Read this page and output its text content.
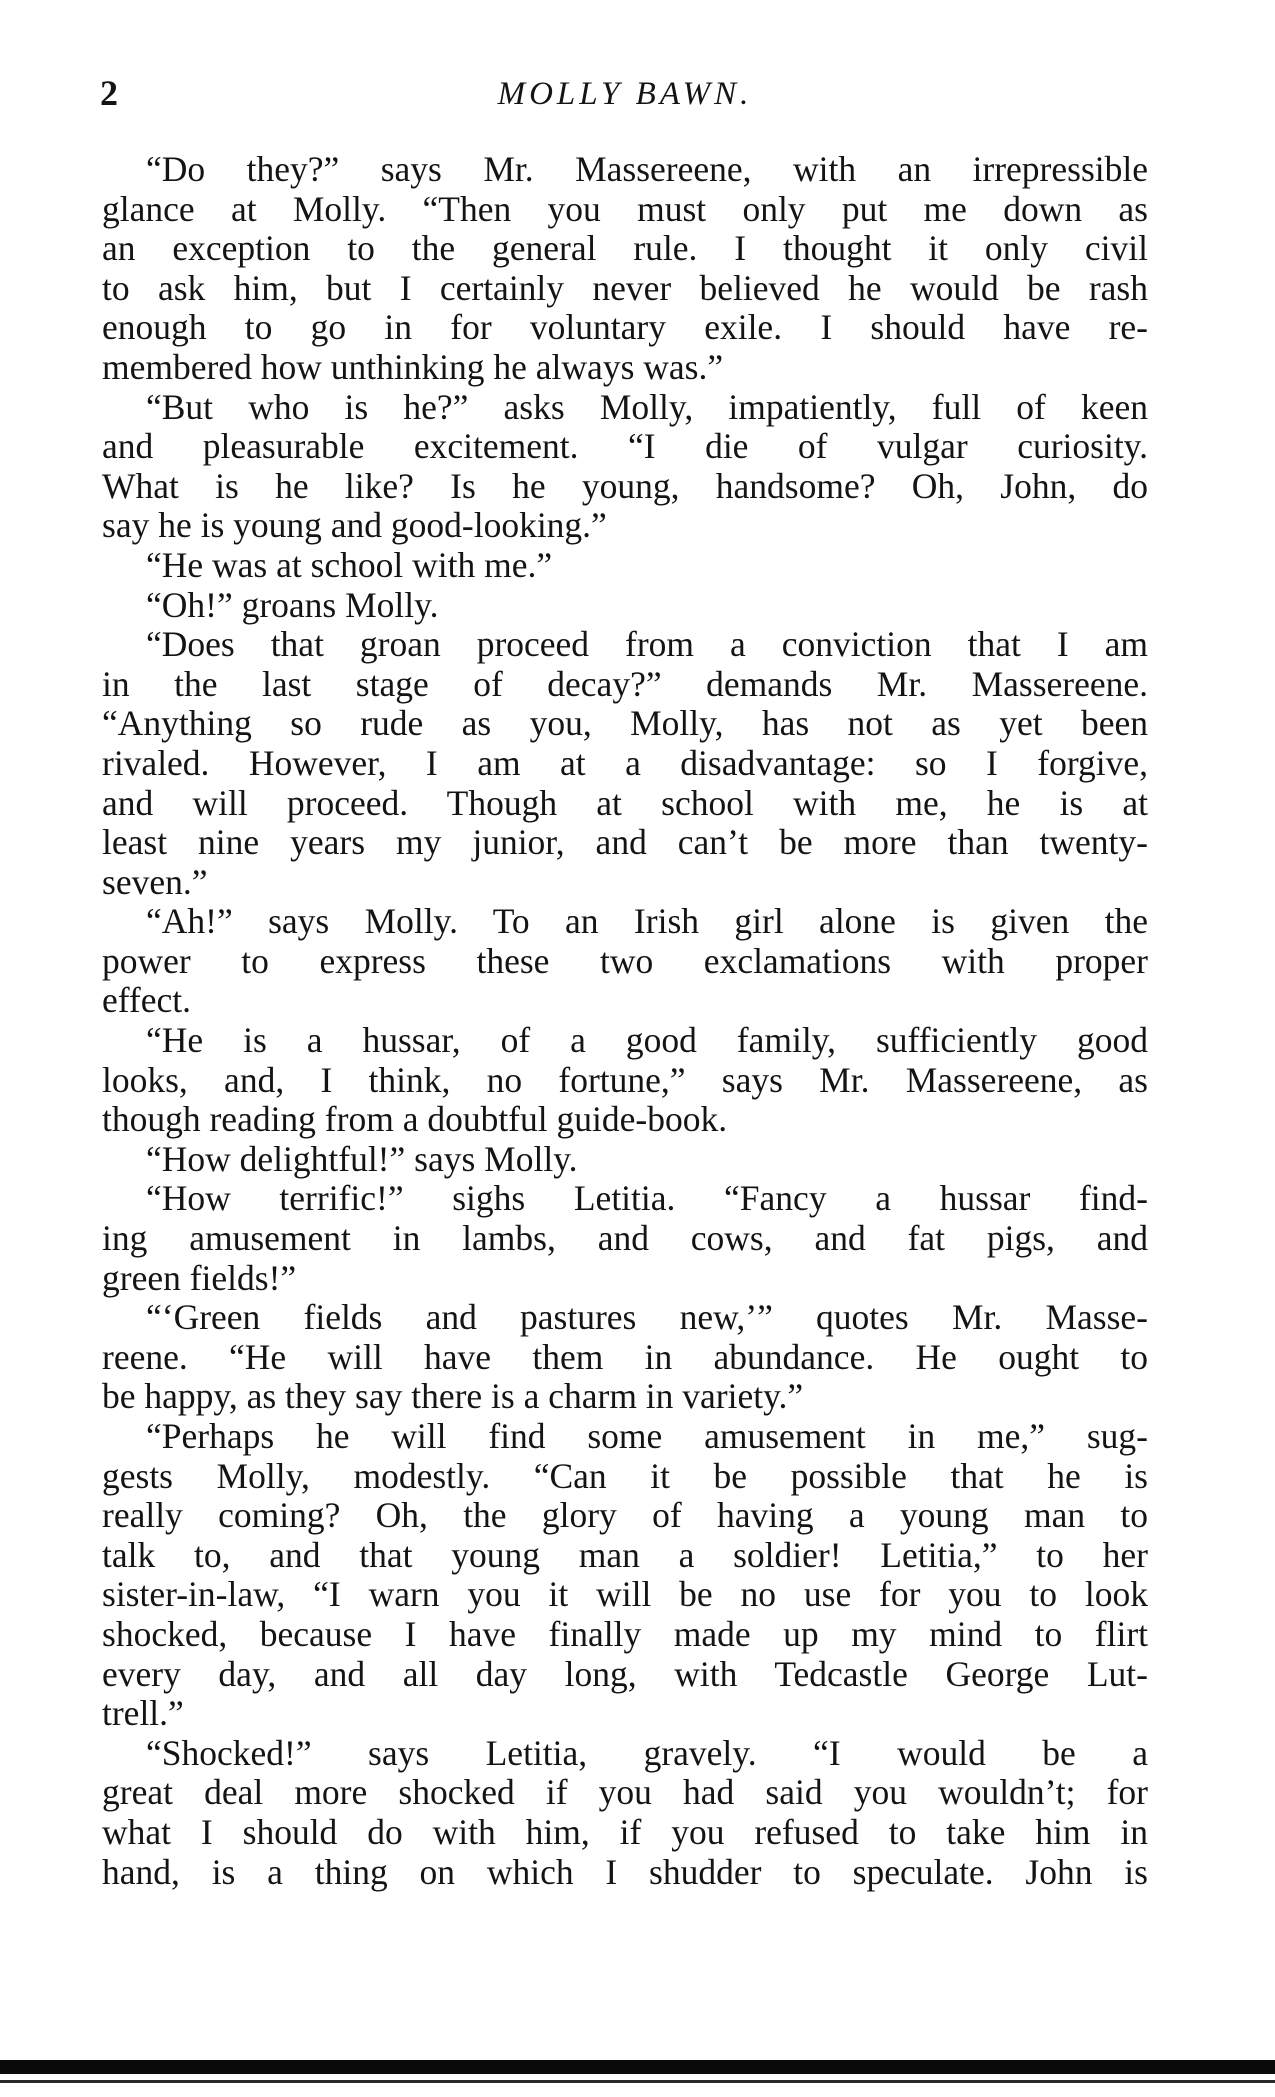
2	MOLLY BAWN.
“Do they?” says Mr. Massereene, with an irrepressible
glance at Molly. “Then you must only put me down as
an exception to the general rule. I thought it only civil
to ask him, but I certainly never believed he would be rash
enough to go in for voluntary exile. I should have re-
membered how unthinking he always was.”
“But who is he?” asks Molly, impatiently, full of keen
and pleasurable excitement. “I die of vulgar curiosity.
What is he like? Is he young, handsome? Oh, John, do
say he is young and good-looking.”
“He was at school with me.”
“Oh!” groans Molly.
“Does that groan proceed from a conviction that I am
in the last stage of decay?” demands Mr. Massereene.
“Anything so rude as you, Molly, has not as yet been
rivaled. However, I am at a disadvantage: so I forgive,
and will proceed. Though at school with me, he is at
least nine years my junior, and can’t be more than twenty-
seven.”
“Ah!” says Molly. To an Irish girl alone is given the
power to express these two exclamations with proper
effect.
“He is a hussar, of a good family, sufficiently good
looks, and, I think, no fortune,” says Mr. Massereene, as
though reading from a doubtful guide-book.
“How delightful!” says Molly.
“How terrific!” sighs Letitia. “Fancy a hussar find-
ing amusement in lambs, and cows, and fat pigs, and
green fields!”
“‘Green fields and pastures new,’” quotes Mr. Masse-
reene. “He will have them in abundance. He ought to
be happy, as they say there is a charm in variety.”
“Perhaps he will find some amusement in me,” sug-
gests Molly, modestly. “Can it be possible that he is
really coming? Oh, the glory of having a young man to
talk to, and that young man a soldier! Letitia,” to her
sister-in-law, “I warn you it will be no use for you to look
shocked, because I have finally made up my mind to flirt
every day, and all day long, with Tedcastle George Lut-
trell.”
“Shocked!” says Letitia, gravely. “I would be a
great deal more shocked if you had said you wouldn’t; for
what I should do with him, if you refused to take him in
hand, is a thing on which I shudder to speculate. John is
